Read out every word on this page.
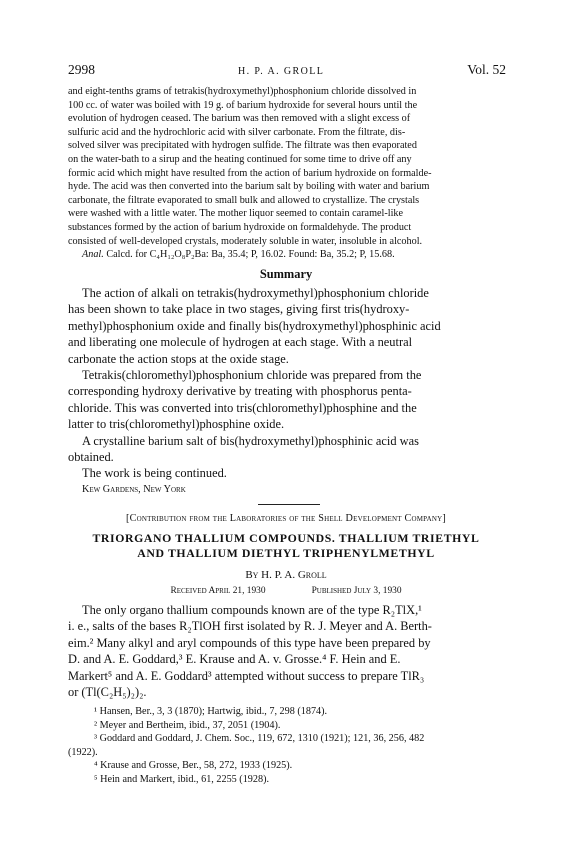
2998	H. P. A. GROLL	Vol. 52
and eight-tenths grams of tetrakis(hydroxymethyl)phosphonium chloride dissolved in
100 cc. of water was boiled with 19 g. of barium hydroxide for several hours until the
evolution of hydrogen ceased. The barium was then removed with a slight excess of
sulfuric acid and the hydrochloric acid with silver carbonate. From the filtrate, dis-
solved silver was precipitated with hydrogen sulfide. The filtrate was then evaporated
on the water-bath to a sirup and the heating continued for some time to drive off any
formic acid which might have resulted from the action of barium hydroxide on formalde-
hyde. The acid was then converted into the barium salt by boiling with water and barium
carbonate, the filtrate evaporated to small bulk and allowed to crystallize. The crystals
were washed with a little water. The mother liquor seemed to contain caramel-like
substances formed by the action of barium hydroxide on formaldehyde. The product
consisted of well-developed crystals, moderately soluble in water, insoluble in alcohol.
Anal. Calcd. for C₄H₁₂O₈P₂Ba: Ba, 35.4; P, 16.02. Found: Ba, 35.2; P, 15.68.

Summary

The action of alkali on tetrakis(hydroxymethyl)phosphonium chloride
has been shown to take place in two stages, giving first tris(hydroxy-
methyl)phosphonium oxide and finally bis(hydroxymethyl)phosphinic acid
and liberating one molecule of hydrogen at each stage. With a neutral
carbonate the action stops at the oxide stage.
Tetrakis(chloromethyl)phosphonium chloride was prepared from the
corresponding hydroxy derivative by treating with phosphorus penta-
chloride. This was converted into tris(chloromethyl)phosphine and the
latter to tris(chloromethyl)phosphine oxide.
A crystalline barium salt of bis(hydroxymethyl)phosphinic acid was
obtained.
The work is being continued.
Kew Gardens, New York
[Contribution from the Laboratories of the Shell Development Company]
TRIORGANO THALLIUM COMPOUNDS. THALLIUM TRIETHYL
AND THALLIUM DIETHYL TRIPHENYLMETHYL
By H. P. A. Groll
Received April 21, 1930	Published July 3, 1930
The only organo thallium compounds known are of the type R₂TlX,¹
i. e., salts of the bases R₂TlOH first isolated by R. J. Meyer and A. Berth-
eim.² Many alkyl and aryl compounds of this type have been prepared by
D. and A. E. Goddard,³ E. Krause and A. v. Grosse.⁴ F. Hein and E.
Markert⁵ and A. E. Goddard³ attempted without success to prepare TlR₃
or (Tl(C₂H₅)₂)₂.

¹ Hansen, Ber., 3, 3 (1870); Hartwig, ibid., 7, 298 (1874).

² Meyer and Bertheim, ibid., 37, 2051 (1904).

³ Goddard and Goddard, J. Chem. Soc., 119, 672, 1310 (1921); 121, 36, 256, 482

(1922).

⁴ Krause and Grosse, Ber., 58, 272, 1933 (1925).

⁵ Hein and Markert, ibid., 61, 2255 (1928).
